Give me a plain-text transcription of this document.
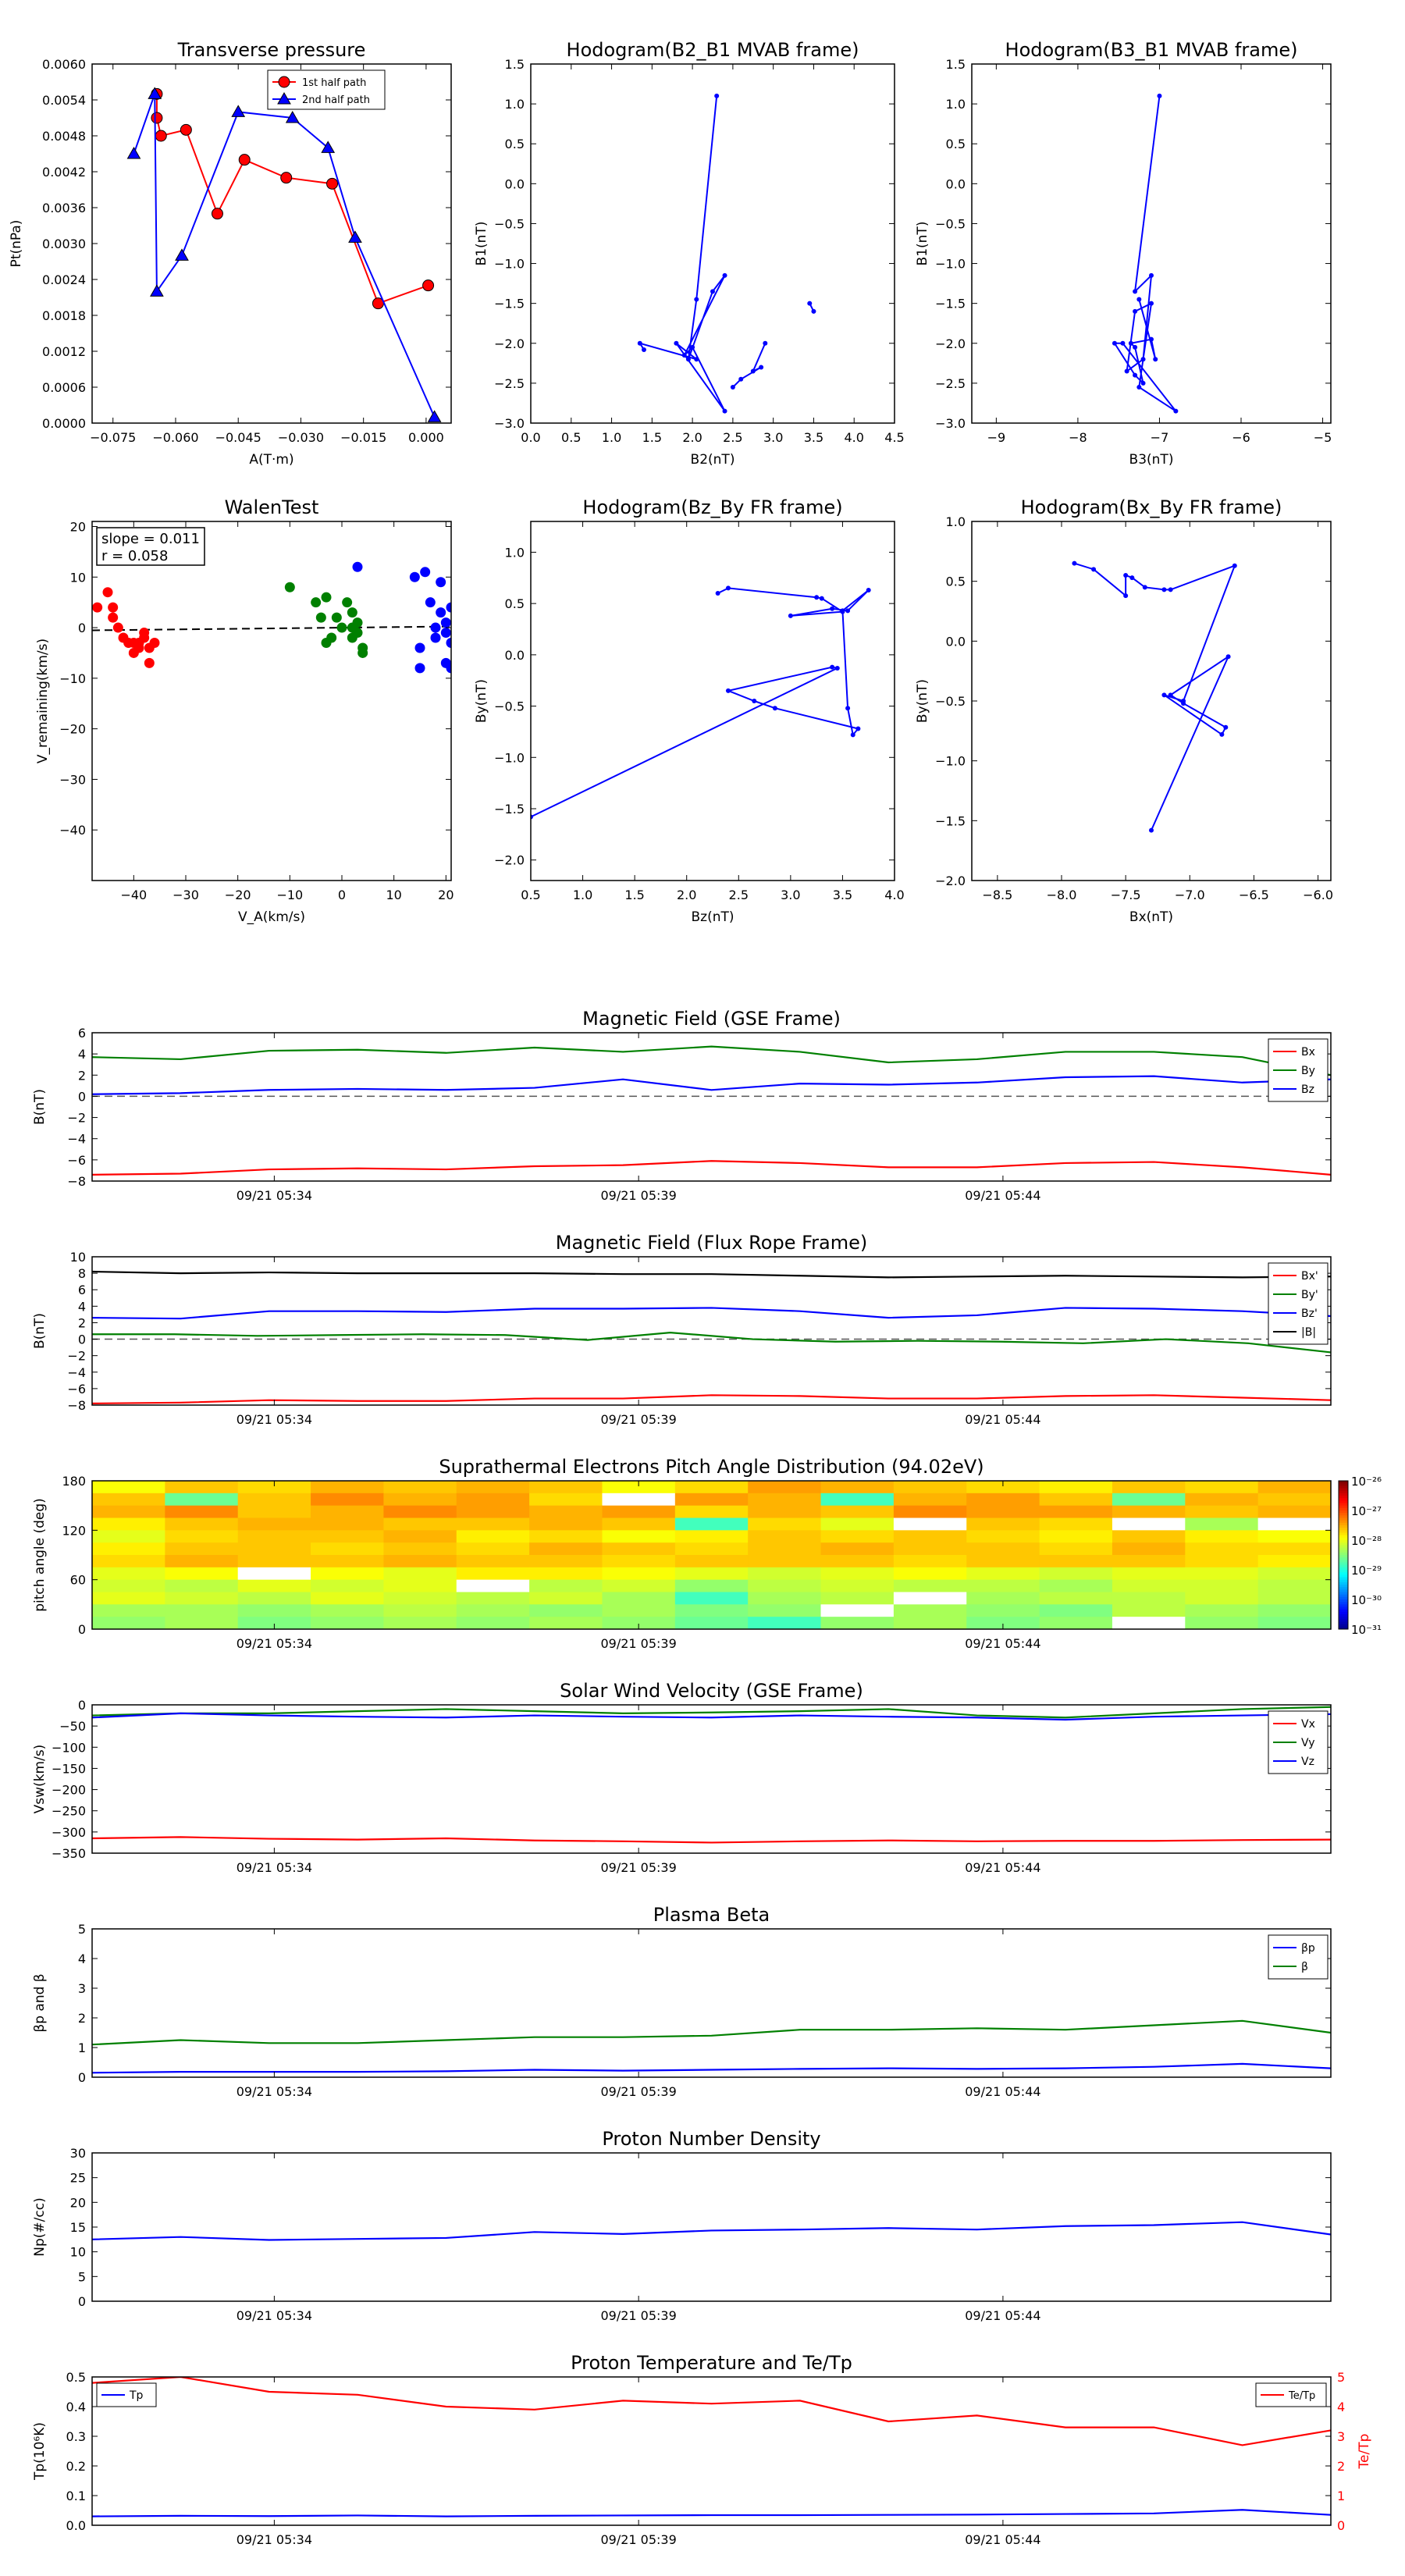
Transverse pressure
0.0000
0.0006
0.0012
0.0018
0.0024
0.0030
0.0036
0.0042
0.0048
0.0054
0.0060
−0.075 −0.060 −0.045 −0.030 −0.015 0.000
A(T·m)
Pt(nPa)
1st half path
2nd half path
Hodogram(B2_B1 MVAB frame)
−3.0
−2.5
−2.0
−1.5
−1.0
−0.5
0.0
0.5
1.0
1.5
0.0 0.5 1.0 1.5 2.0 2.5 3.0 3.5 4.0 4.5
B2(nT)
B1(nT)
Hodogram(B3_B1 MVAB frame)
−3.0
−2.5
−2.0
−1.5
−1.0
−0.5
0.0
0.5
1.0
1.5
−9	−8	−7	−6	−5
B3(nT)
B1(nT)
WalenTest
−40
−30
−20
−10
0
10
20
−40 −30 −20 −10	0	10	20
V_A(km/s)
V_remaining(km/s)
slope = 0.011
r = 0.058
Hodogram(Bz_By FR frame)
−2.0
−1.5
−1.0
−0.5
0.0
0.5
1.0
0.5	1.0	1.5	2.0	2.5	3.0	3.5	4.0
Bz(nT)
By(nT)
Hodogram(Bx_By FR frame)
−2.0
−1.5
−1.0
−0.5
0.0
0.5
1.0
−8.5	−8.0	−7.5	−7.0	−6.5	−6.0
Bx(nT)
By(nT)
Magnetic Field (GSE Frame)
−8
−6
−4
−2
0
2
4
6
09/21 05:34	09/21 05:39	09/21 05:44
B(nT)
Bx
By
Bz
Magnetic Field (Flux Rope Frame)
−8
−6
−4
−2
0
2
4
6
8
10
09/21 05:34	09/21 05:39	09/21 05:44
B(nT)
Bx'
By'
Bz'
|B|
Suprathermal Electrons Pitch Angle Distribution (94.02eV)
0
60
120
180
09/21 05:34	09/21 05:39	09/21 05:44
pitch angle (deg)
10⁻²⁶
10⁻²⁷
10⁻²⁸
10⁻²⁹
10⁻³⁰
10⁻³¹
Solar Wind Velocity (GSE Frame)
−350
−300
−250
−200
−150
−100
−50
0
09/21 05:34	09/21 05:39	09/21 05:44
Vsw(km/s)
Vx
Vy
Vz
Plasma Beta
0
1
2
3
4
5
09/21 05:34	09/21 05:39	09/21 05:44
βp and β
βp
β
Proton Number Density
0
5
10
15
20
25
30
09/21 05:34	09/21 05:39	09/21 05:44
Np(#/cc)
Proton Temperature and Te/Tp
0.0
0.1
0.2
0.3
0.4
0.5
09/21 05:34	09/21 05:39	09/21 05:44
Tp(10⁶K)
0
1
2
3
4
5
Te/Tp
Tp	Te/Tp
